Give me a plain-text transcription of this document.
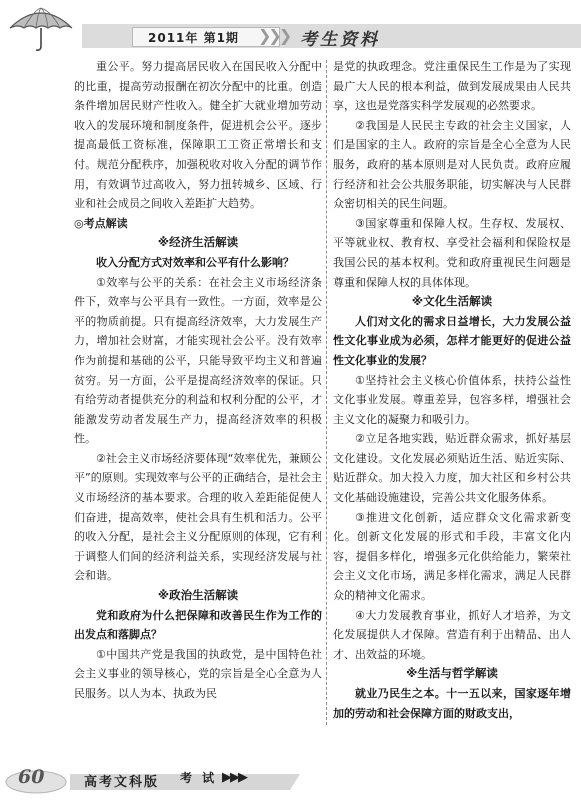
2011年 第1期 ❯❯❯ 考生资料

重公平。努力提高居民收入在国民收入分配中的比重，提高劳动报酬在初次分配中的比重。创造条件增加居民财产性收入。健全扩大就业增加劳动收入的发展环境和制度条件，促进机会公平。逐步提高最低工资标准，保障职工工资正常增长和支付。规范分配秩序，加强税收对收入分配的调节作用，有效调节过高收入，努力扭转城乡、区域、行业和社会成员之间收入差距扩大趋势。

◎考点解读

※经济生活解读

收入分配方式对效率和公平有什么影响？

①效率与公平的关系：在社会主义市场经济条件下，效率与公平具有一致性。一方面，效率是公平的物质前提。只有提高经济效率，大力发展生产力，增加社会财富，才能实现社会公平。没有效率作为前提和基础的公平，只能导致平均主义和普遍贫穷。另一方面，公平是提高经济效率的保证。只有给劳动者提供充分的利益和权利分配的公平，才能激发劳动者发展生产力，提高经济效率的积极性。

②社会主义市场经济要体现“效率优先，兼顾公平”的原则。实现效率与公平的正确结合，是社会主义市场经济的基本要求。合理的收入差距能促使人们奋进，提高效率，使社会具有生机和活力。公平的收入分配，是社会主义分配原则的体现，它有利于调整人们间的经济利益关系，实现经济发展与社会和谐。

※政治生活解读

党和政府为什么把保障和改善民生作为工作的出发点和落脚点？

①中国共产党是我国的执政党，是中国特色社会主义事业的领导核心，党的宗旨是全心全意为人民服务。以人为本、执政为民

是党的执政理念。党注重保民生工作是为了实现最广大人民的根本利益，做到发展成果由人民共享，这也是党落实科学发展观的必然要求。

②我国是人民民主专政的社会主义国家，人们是国家的主人。政府的宗旨是全心全意为人民服务，政府的基本原则是对人民负责。政府应履行经济和社会公共服务职能，切实解决与人民群众密切相关的民生问题。

③国家尊重和保障人权。生存权、发展权、平等就业权、教育权、享受社会福利和保险权是我国公民的基本权利。党和政府重视民生问题是尊重和保障人权的具体体现。

※文化生活解读

人们对文化的需求日益增长，大力发展公益性文化事业成为必须，怎样才能更好的促进公益性文化事业的发展？

①坚持社会主义核心价值体系，扶持公益性文化事业发展。尊重差异，包容多样，增强社会主义文化的凝聚力和吸引力。

②立足各地实践，贴近群众需求，抓好基层文化建设。文化发展必须贴近生活、贴近实际、贴近群众。加大投入力度，加大社区和乡村公共文化基础设施建设，完善公共文化服务体系。

③推进文化创新，适应群众文化需求新变化。创新文化发展的形式和手段，丰富文化内容，提倡多样化，增强多元化供给能力，繁荣社会主义文化市场，满足多样化需求，满足人民群众的精神文化需求。

④大力发展教育事业，抓好人才培养，为文化发展提供人才保障。营造有利于出精品、出人才、出效益的环境。

※生活与哲学解读

就业乃民生之本。十一五以来，国家逐年增加的劳动和社会保障方面的财政支出，

60	高考文科版 考 试 ▶▶▶
